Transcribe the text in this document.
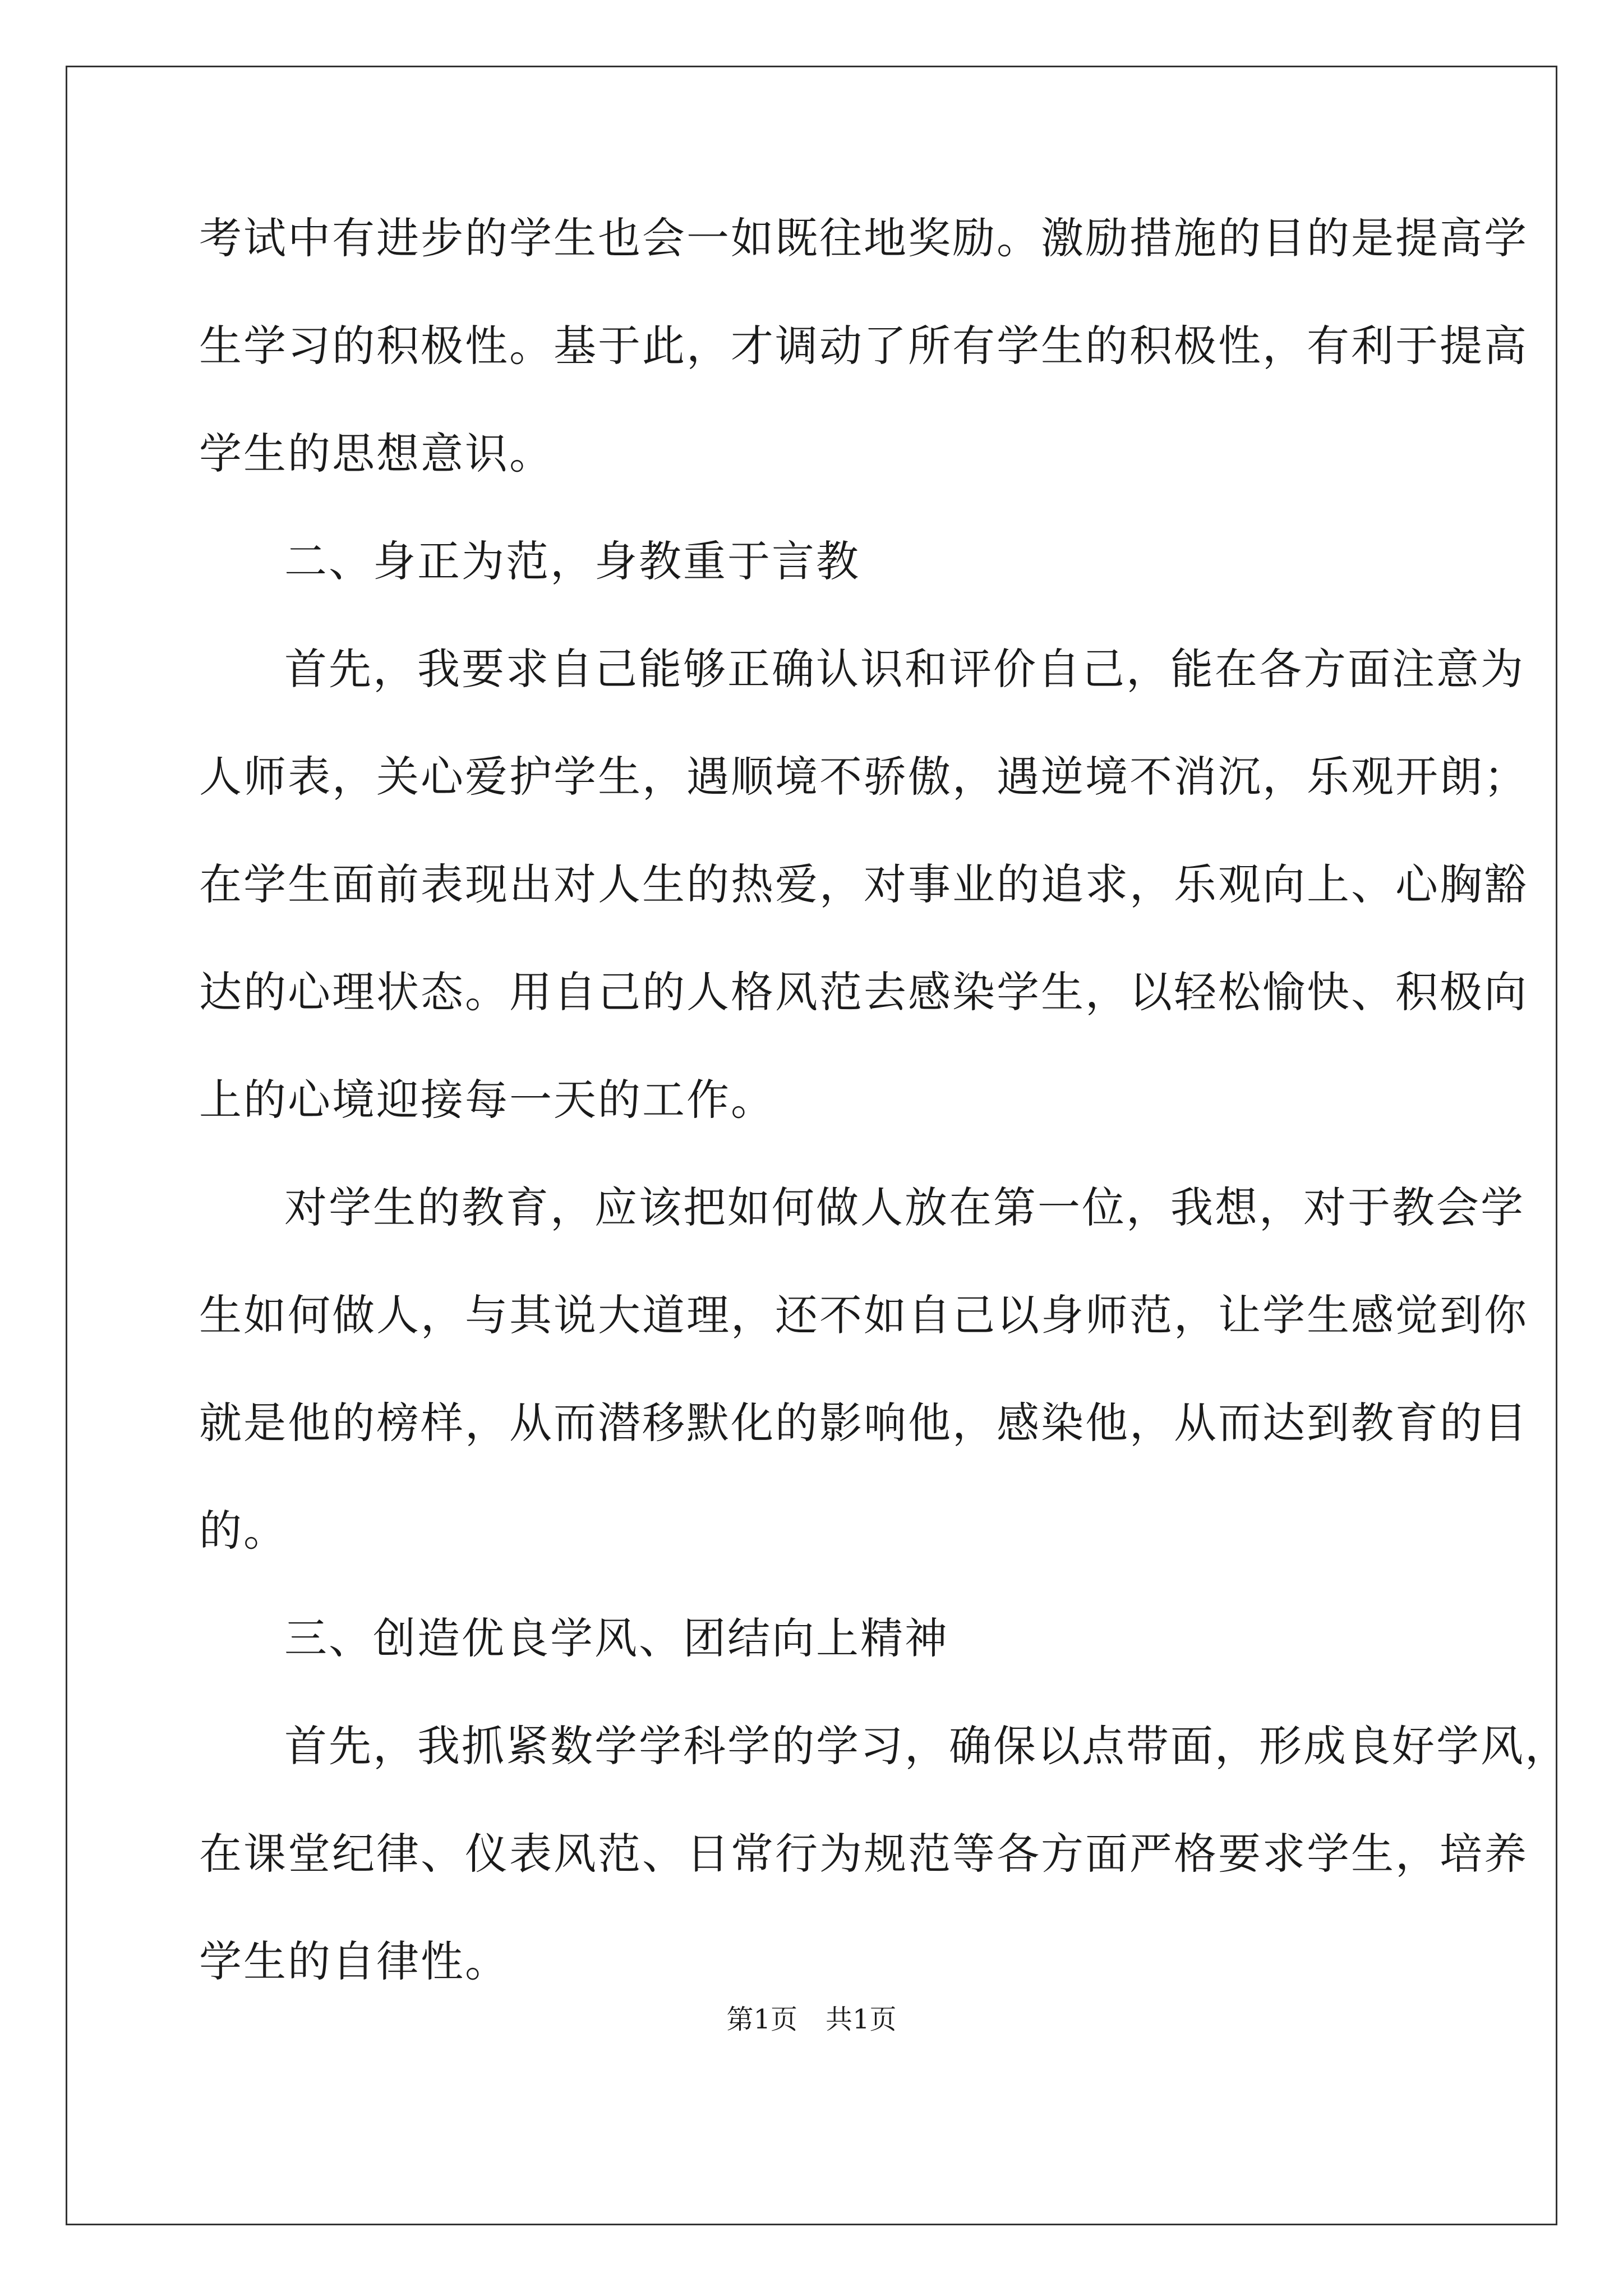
考试中有进步的学生也会一如既往地奖励。激励措施的目的是提高学
生学习的积极性。基于此，才调动了所有学生的积极性，有利于提高
学生的思想意识。
二、身正为范，身教重于言教
首先，我要求自己能够正确认识和评价自己，能在各方面注意为
人师表，关心爱护学生，遇顺境不骄傲，遇逆境不消沉，乐观开朗；
在学生面前表现出对人生的热爱，对事业的追求，乐观向上、心胸豁
达的心理状态。用自己的人格风范去感染学生，以轻松愉快、积极向
上的心境迎接每一天的工作。
对学生的教育，应该把如何做人放在第一位，我想，对于教会学
生如何做人，与其说大道理，还不如自己以身师范，让学生感觉到你
就是他的榜样，从而潜移默化的影响他，感染他，从而达到教育的目
的。
三、创造优良学风、团结向上精神
首先，我抓紧数学学科学的学习，确保以点带面，形成良好学风，
在课堂纪律、仪表风范、日常行为规范等各方面严格要求学生，培养
学生的自律性。
第1页 共1页
